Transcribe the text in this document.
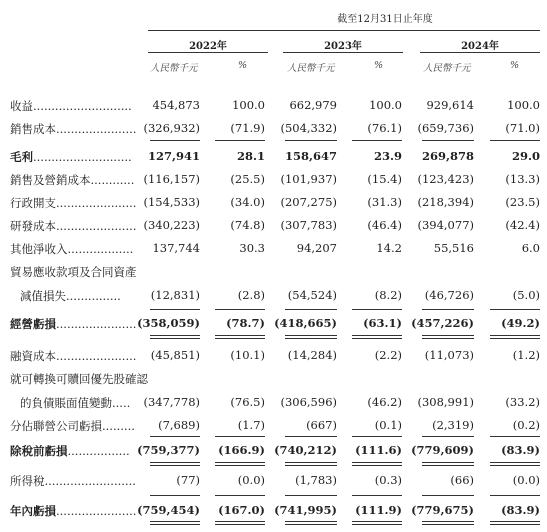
截至12月31日止年度
2022年	2023年	2024年
人民幣千元	%	人民幣千元	%	人民幣千元	%
收益...........................	454,873	100.0	662,979	100.0	929,614	100.0
銷售成本...................... (326,932)	(71.9)	(504,332)	(76.1)	(659,736)	(71.0)
毛利...........................	127,941	28.1	158,647	23.9	269,878	29.0
銷售及營銷成本............ (116,157)	(25.5)	(101,937)	(15.4)	(123,423)	(13.3)
行政開支...................... (154,533)	(34.0)	(207,275)	(31.3)	(218,394)	(23.5)
研發成本...................... (340,223)	(74.8)	(307,783)	(46.4)	(394,077)	(42.4)
其他淨收入..................	137,744	30.3	94,207	14.2	55,516	6.0
貿易應收款項及合同資產
減值損失...............	(12,831)	(2.8)	(54,524)	(8.2)	(46,726)	(5.0)
經營虧損...................... (358,059)	(78.7) (418,665)	(63.1) (457,226)	(49.2)
融資成本......................	(45,851)	(10.1)	(14,284)	(2.2)	(11,073)	(1.2)
就可轉換可贖回優先股確認
的負債賬面值變動.....	(347,778)	(76.5)	(306,596)	(46.2)	(308,991)	(33.2)
分佔聯營公司虧損.........	(7,689)	(1.7)	(667)	(0.1)	(2,319)	(0.2)
除稅前虧損................. (759,377)	(166.9) (740,212)	(111.6) (779,609)	(83.9)
所得稅.........................	(77)	(0.0)	(1,783)	(0.3)	(66)	(0.0)
年內虧損...................... (759,454)	(167.0) (741,995)	(111.9) (779,675)	(83.9)
